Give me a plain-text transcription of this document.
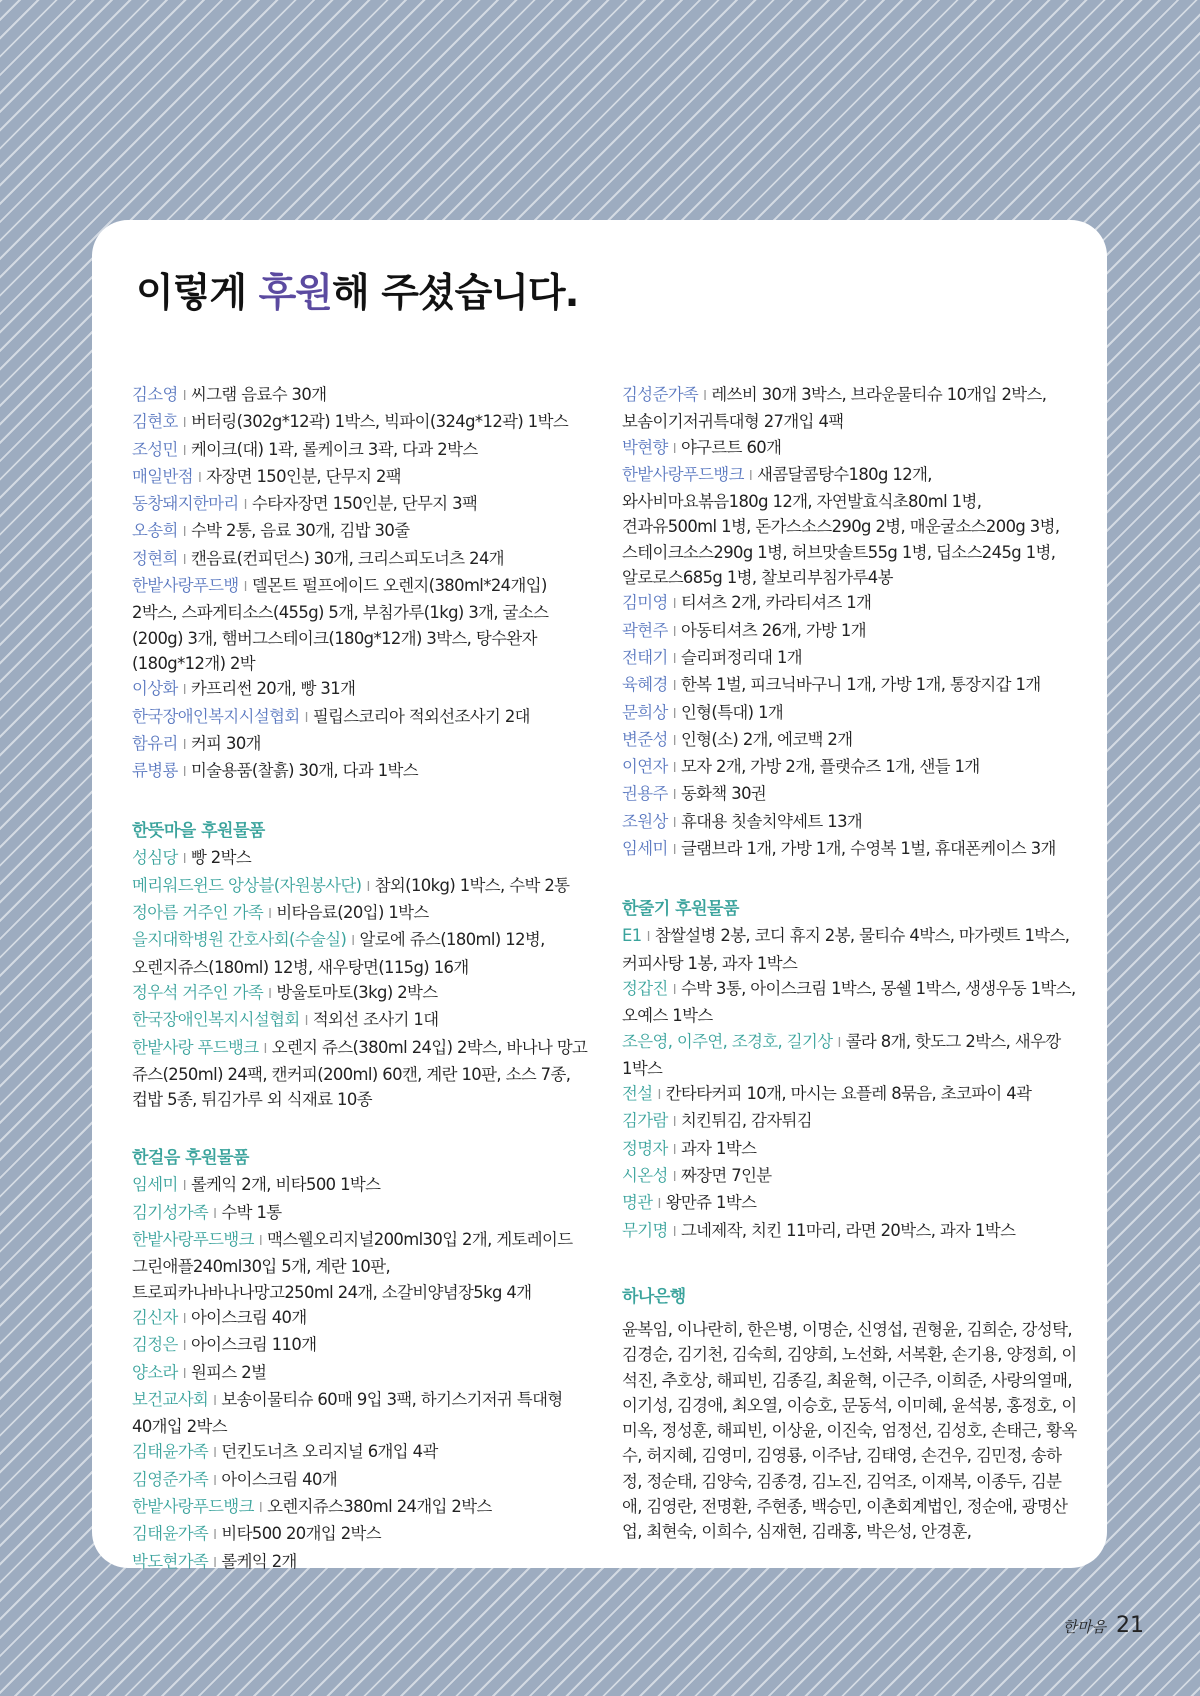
이렇게 후원해 주셨습니다.
김소영 I 씨그램 음료수 30개
김현호 I 버터링(302g*12곽) 1박스, 빅파이(324g*12곽) 1박스
조성민 I 케이크(대) 1곽, 롤케이크 3곽, 다과 2박스
매일반점 I 자장면 150인분, 단무지 2팩
동창돼지한마리 I 수타자장면 150인분, 단무지 3팩
오송희 I 수박 2통, 음료 30개, 김밥 30줄
정현희 I 캔음료(컨피던스) 30개, 크리스피도너츠 24개
한밭사랑푸드뱅 I 델몬트 펄프에이드 오렌지(380ml*24개입) 2박스, 스파게티소스(455g) 5개, 부침가루(1kg) 3개, 굴소스(200g) 3개, 햄버그스테이크(180g*12개) 3박스, 탕수완자(180g*12개) 2박
이상화 I 카프리썬 20개, 빵 31개
한국장애인복지시설협회 I 필립스코리아 적외선조사기 2대
함유리 I 커피 30개
류병룡 I 미술용품(찰흙) 30개, 다과 1박스
한뜻마을 후원물품
성심당 I 빵 2박스
메리워드윈드 앙상블(자원봉사단) I 참외(10kg) 1박스, 수박 2통
정아름 거주인 가족 I 비타음료(20입) 1박스
을지대학병원 간호사회(수술실) I 알로에 쥬스(180ml) 12병, 오렌지쥬스(180ml) 12병, 새우탕면(115g) 16개
정우석 거주인 가족 I 방울토마토(3kg) 2박스
한국장애인복지시설협회 I 적외선 조사기 1대
한밭사랑 푸드뱅크 I 오렌지 쥬스(380ml 24입) 2박스, 바나나 망고 쥬스(250ml) 24팩, 캔커피(200ml) 60캔, 계란 10판, 소스 7종, 컵밥 5종, 튀김가루 외 식재료 10종
한걸음 후원물품
임세미 I 롤케익 2개, 비타500 1박스
김기성가족 I 수박 1통
한밭사랑푸드뱅크 I 맥스웰오리지널200ml30입 2개, 게토레이드 그린애플240ml30입 5개, 계란 10판, 트로피카나바나나망고250ml 24개, 소갈비양념장5kg 4개
김신자 I 아이스크림 40개
김정은 I 아이스크림 110개
양소라 I 원피스 2벌
보건교사회 I 보송이물티슈 60매 9입 3팩, 하기스기저귀 특대형 40개입 2박스
김태윤가족 I 던킨도너츠 오리지널 6개입 4곽
김영준가족 I 아이스크림 40개
한밭사랑푸드뱅크 I 오렌지쥬스380ml 24개입 2박스
김태윤가족 I 비타500 20개입 2박스
박도현가족 I 롤케익 2개
김성준가족 I 레쓰비 30개 3박스, 브라운물티슈 10개입 2박스, 보솜이기저귀특대형 27개입 4팩
박현향 I 야구르트 60개
한밭사랑푸드뱅크 I 새콤달콤탕수180g 12개, 와사비마요볶음180g 12개, 자연발효식초80ml 1병, 견과유500ml 1병, 돈가스소스290g 2병, 매운굴소스200g 3병, 스테이크소스290g 1병, 허브맛솔트55g 1병, 딥소스245g 1병, 알로로스685g 1병, 찰보리부침가루4봉
김미영 I 티셔츠 2개, 카라티셔즈 1개
곽현주 I 아동티셔츠 26개, 가방 1개
전태기 I 슬리퍼정리대 1개
육혜경 I 한복 1벌, 피크닉바구니 1개, 가방 1개, 통장지갑 1개
문희상 I 인형(특대) 1개
변준성 I 인형(소) 2개, 에코백 2개
이연자 I 모자 2개, 가방 2개, 플랫슈즈 1개, 샌들 1개
권용주 I 동화책 30권
조원상 I 휴대용 칫솔치약세트 13개
임세미 I 글램브라 1개, 가방 1개, 수영복 1벌, 휴대폰케이스 3개
한줄기 후원물품
E1 I 참쌀설병 2봉, 코디 휴지 2봉, 물티슈 4박스, 마가렛트 1박스, 커피사탕 1봉, 과자 1박스
정갑진 I 수박 3통, 아이스크림 1박스, 몽쉘 1박스, 생생우동 1박스, 오예스 1박스
조은영, 이주연, 조경호, 길기상 I 콜라 8개, 핫도그 2박스, 새우깡 1박스
전설 I 칸타타커피 10개, 마시는 요플레 8묶음, 초코파이 4곽
김가람 I 치킨튀김, 감자튀김
정명자 I 과자 1박스
시온성 I 짜장면 7인분
명관 I 왕만쥬 1박스
무기명 I 그네제작, 치킨 11마리, 라면 20박스, 과자 1박스
하나은행
윤복임, 이나란히, 한은병, 이명순, 신영섭, 권형윤, 김희순, 강성탁, 김경순, 김기천, 김숙희, 김양희, 노선화, 서복환, 손기용, 양정희, 이석진, 추호상, 해피빈, 김종길, 최윤혁, 이근주, 이희준, 사랑의열매, 이기성, 김경애, 최오열, 이승호, 문동석, 이미혜, 윤석봉, 홍정호, 이미옥, 정성훈, 해피빈, 이상윤, 이진숙, 엄정선, 김성호, 손태근, 황옥수, 허지혜, 김영미, 김영룡, 이주남, 김태영, 손건우, 김민정, 송하정, 정순태, 김양숙, 김종경, 김노진, 김억조, 이재복, 이종두, 김분애, 김영란, 전명환, 주현종, 백승민, 이촌회계법인, 정순애, 광명산업, 최현숙, 이희수, 심재현, 김래홍, 박은성, 안경훈,
한마음 21
